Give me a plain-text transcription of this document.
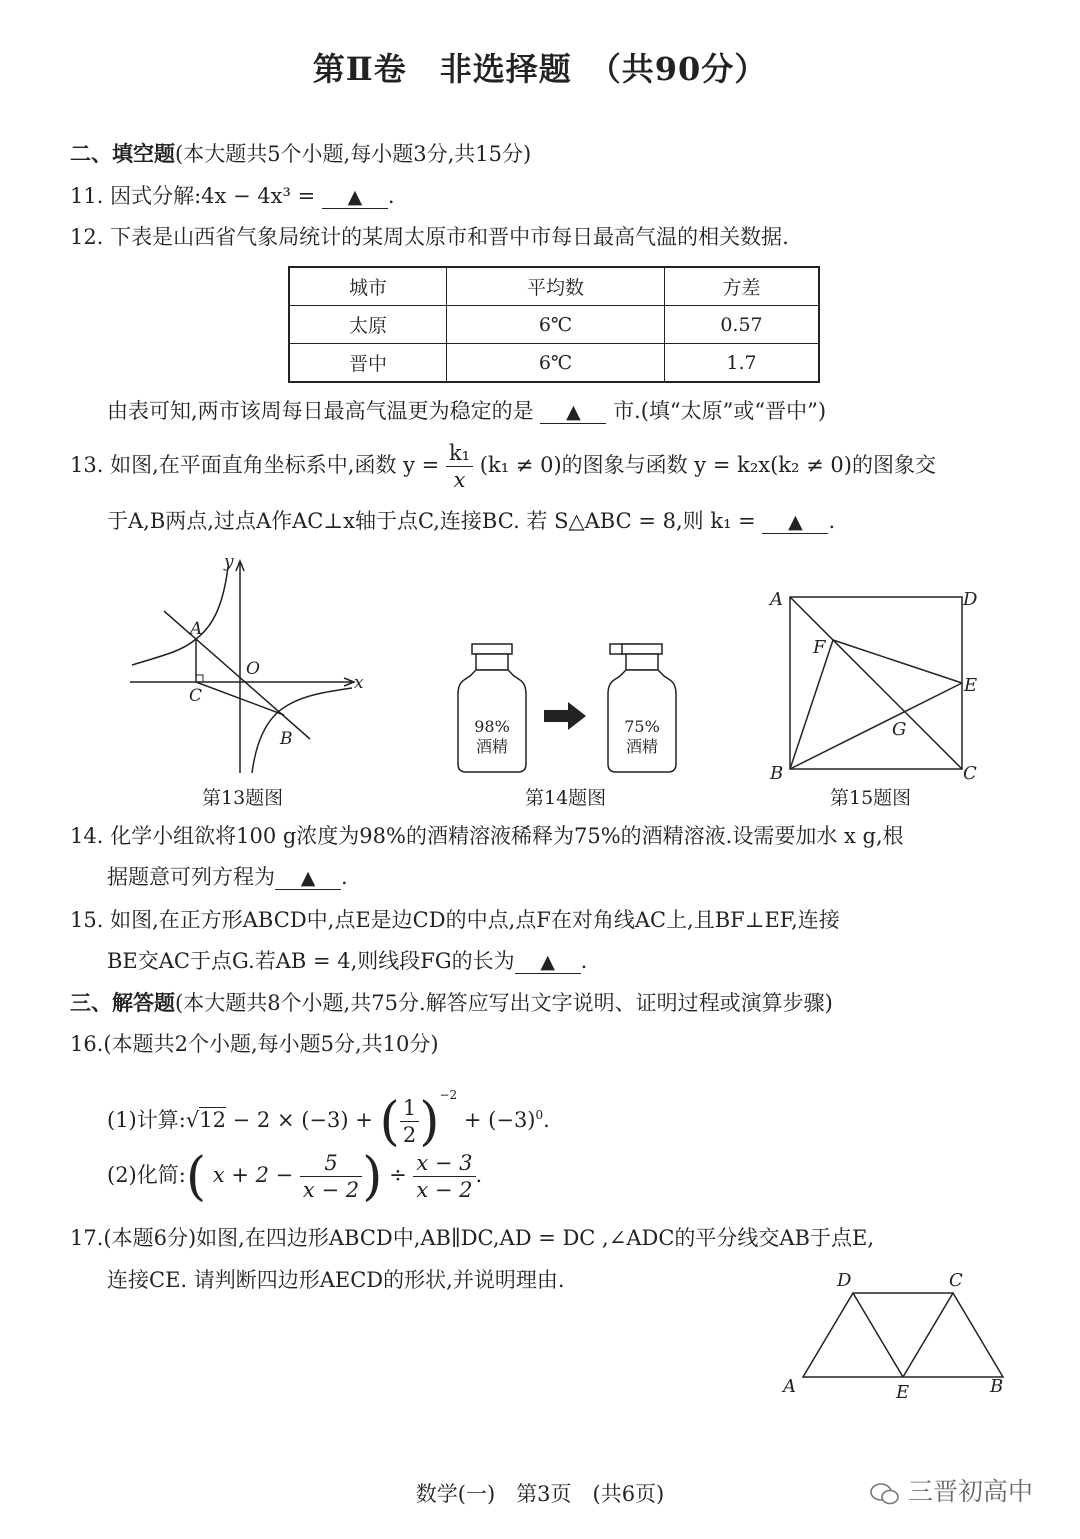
第Ⅱ卷　非选择题　（共90分）
二、填空题(本大题共5个小题,每小题3分,共15分)
11. 因式分解:4x − 4x³ = ▲ .
12. 下表是山西省气象局统计的某周太原市和晋中市每日最高气温的相关数据.
城市	平均数	方差
太原	6℃	0.57
晋中	6℃	1.7
由表可知,两市该周每日最高气温更为稳定的是 ▲ 市.(填“太原”或“晋中”)
13. 如图,在平面直角坐标系中,函数 $y = \frac{\text{k₁}}{x} (k_1 \ne 0)$的图象与函数 y = k₂x(k₂ ≠ 0)的图象交
于A,B两点,过点A作AC⊥x轴于点C,连接BC. 若 S△ABC = 8,则 k₁ = ▲ .
y
x
A
O
C
B
第13题图
98%
酒精
75%
酒精
第14题图
A	D
F
E
G
B	C
第15题图
14. 化学小组欲将100 g浓度为98%的酒精溶液稀释为75%的酒精溶液.设需要加水 x g,根
据题意可列方程为 ▲ .
15. 如图,在正方形ABCD中,点E是边CD的中点,点F在对角线AC上,且BF⊥EF,连接
BE交AC于点G.若AB = 4,则线段FG的长为 ▲ .
三、解答题(本大题共8个小题,共75分.解答应写出文字说明、证明过程或演算步骤)
16.(本题共2个小题,每小题5分,共10分)
(1)计算:√12 − 2 × (−3) + ( $\frac{1}{2} )^{-2} + (-3)^0$.
(2)化简:( $x + 2 - \frac{5}{x - 2}$ ) ÷ $\frac{x - 3}{x - 2}$ .
17.(本题6分)如图,在四边形ABCD中,AB∥DC,AD = DC ,∠ADC的平分线交AB于点E,
连接CE. 请判断四边形AECD的形状,并说明理由.	D	C
A	E	B
数学(一)　第3页　(共6页)	三晋初高中
